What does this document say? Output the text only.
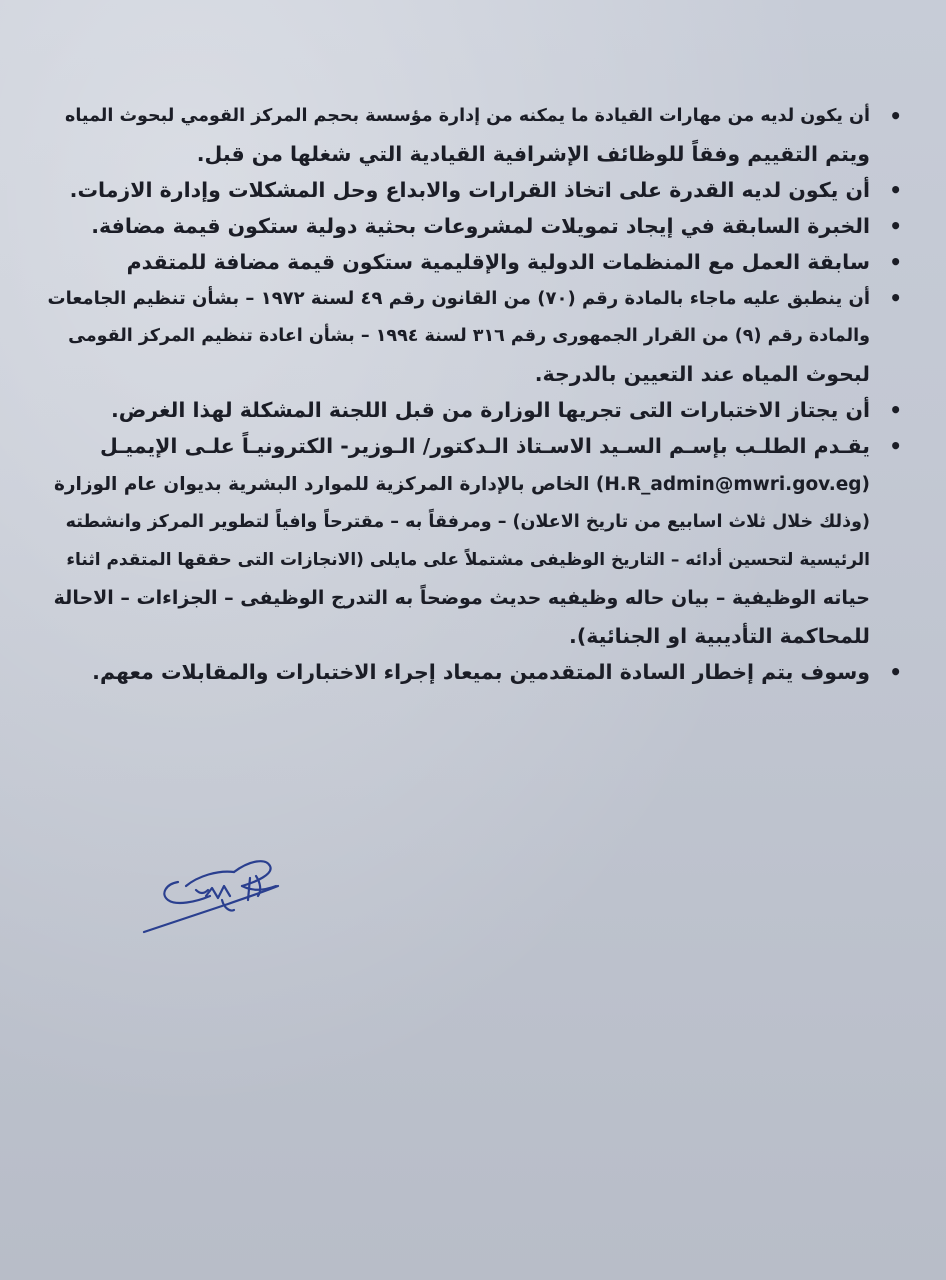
•
أن يكون لديه من مهارات القيادة ما يمكنه من إدارة مؤسسة بحجم المركز القومي لبحوث المياه
ويتم التقييم وفقاً للوظائف الإشرافية القيادية التي شغلها من قبل.
•
أن يكون لديه القدرة على اتخاذ القرارات والابداع وحل المشكلات وإدارة الازمات.
•
الخبرة السابقة في إيجاد تمويلات لمشروعات بحثية دولية ستكون قيمة مضافة.
•
سابقة العمل مع المنظمات الدولية والإقليمية ستكون قيمة مضافة للمتقدم
•
أن ينطبق عليه ماجاء بالمادة رقم (٧٠) من القانون رقم ٤٩ لسنة ١٩٧٢ – بشأن تنظيم الجامعات
والمادة رقم (٩) من القرار الجمهورى رقم ٣١٦ لسنة ١٩٩٤ – بشأن اعادة تنظيم المركز القومى
لبحوث المياه عند التعيين بالدرجة.
•
أن يجتاز الاختبارات التى تجريها الوزارة من قبل اللجنة المشكلة لهذا الغرض.
•
يقـدم الطلـب بإسـم السـيد الاسـتاذ الـدكتور/ الـوزير- الكترونيـاً علـى الإيميـل
(H.R_admin@mwri.gov.eg) الخاص بالإدارة المركزية للموارد البشرية بديوان عام الوزارة
(وذلك خلال ثلاث اسابيع من تاريخ الاعلان) – ومرفقاً به – مقترحاً وافياً لتطوير المركز وانشطته
الرئيسية لتحسين أدائه – التاريخ الوظيفى مشتملاً على مايلى (الانجازات التى حققها المتقدم اثناء
حياته الوظيفية – بيان حاله وظيفيه حديث موضحاً به التدرج الوظيفى – الجزاءات – الاحالة
للمحاكمة التأديبية او الجنائية).
•
وسوف يتم إخطار السادة المتقدمين بميعاد إجراء الاختبارات والمقابلات معهم.
